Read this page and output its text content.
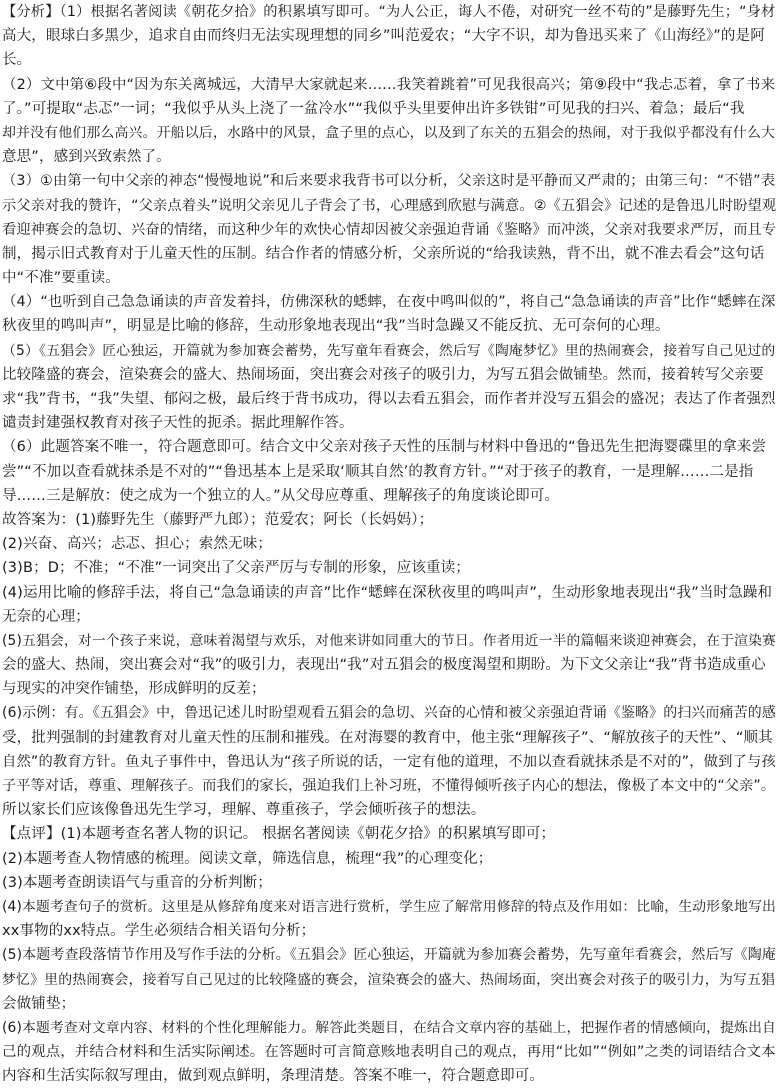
【分析】（1）根据名著阅读《朝花夕拾》的积累填写即可。“为人公正，诲人不倦，对研究一丝不苟的”是藤野先生；“身材
高大，眼球白多黑少，追求自由而终归无法实现理想的同乡”叫范爱农；“大字不识，却为鲁迅买来了《山海经》”的是阿
长。
（2）文中第⑥段中“因为东关离城远，大清早大家就起来……我笑着跳着”可见我很高兴；第⑨段中“我忐忑着，拿了书来
了。”可提取“忐忑”一词；“我似乎从头上浇了一盆冷水”“我似乎头里要伸出许多铁钳”可见我的扫兴、着急；最后“我
却并没有他们那么高兴。开船以后，水路中的风景，盒子里的点心，以及到了东关的五猖会的热闹，对于我似乎都没有什么大
意思”，感到兴致索然了。
（3）①由第一句中父亲的神态“慢慢地说”和后来要求我背书可以分析，父亲这时是平静而又严肃的；由第三句：“不错”表
示父亲对我的赞许，“父亲点着头”说明父亲见儿子背会了书，心理感到欣慰与满意。②《五猖会》记述的是鲁迅儿时盼望观
看迎神赛会的急切、兴奋的情绪，而这种少年的欢快心情却因被父亲强迫背诵《鉴略》而冲淡，父亲对我要求严厉，而且专
制，揭示旧式教育对于儿童天性的压制。结合作者的情感分析，父亲所说的“给我读熟，背不出，就不准去看会”这句话
中“不准”要重读。
（4）“也听到自己急急诵读的声音发着抖，仿佛深秋的蟋蟀，在夜中鸣叫似的”，将自己“急急诵读的声音”比作“蟋蟀在深
秋夜里的鸣叫声”，明显是比喻的修辞，生动形象地表现出“我”当时急躁又不能反抗、无可奈何的心理。
（5）《五猖会》匠心独运，开篇就为参加赛会蓄势，先写童年看赛会，然后写《陶庵梦忆》里的热闹赛会，接着写自己见过的
比较隆盛的赛会，渲染赛会的盛大、热闹场面，突出赛会对孩子的吸引力，为写五猖会做铺垫。然而，接着转写父亲要
求“我”背书，“我”失望、郁闷之极，最后终于背书成功，得以去看五猖会，而作者并没写五猖会的盛况；表达了作者强烈
谴责封建强权教育对孩子天性的扼杀。据此理解作答。
（6）此题答案不唯一，符合题意即可。结合文中父亲对孩子天性的压制与材料中鲁迅的“鲁迅先生把海婴碟里的拿来尝
尝”“不加以查看就抹杀是不对的”“鲁迅基本上是采取‘顺其自然’的教育方针。”“对于孩子的教育，一是理解……二是指
导……三是解放：使之成为一个独立的人。”从父母应尊重、理解孩子的角度谈论即可。
故答案为：(1)藤野先生（藤野严九郎）；范爱农；阿长（长妈妈）；
(2)兴奋、高兴；忐忑、担心；索然无味；
(3)B；D；不准；“不准”一词突出了父亲严厉与专制的形象，应该重读；
(4)运用比喻的修辞手法，将自己“急急诵读的声音”比作“蟋蟀在深秋夜里的鸣叫声”，生动形象地表现出“我”当时急躁和
无奈的心理；
(5)五猖会，对一个孩子来说，意味着渴望与欢乐，对他来讲如同重大的节日。作者用近一半的篇幅来谈迎神赛会，在于渲染赛
会的盛大、热闹，突出赛会对“我”的吸引力，表现出“我”对五猖会的极度渴望和期盼。为下文父亲让“我”背书造成重心
与现实的冲突作铺垫，形成鲜明的反差；
(6)示例：有。《五猖会》中，鲁迅记述儿时盼望观看五猖会的急切、兴奋的心情和被父亲强迫背诵《鉴略》的扫兴而痛苦的感
受，批判强制的封建教育对儿童天性的压制和摧残。在对海婴的教育中，他主张“理解孩子”、“解放孩子的天性”、“顺其
自然”的教育方针。鱼丸子事件中，鲁迅认为“孩子所说的话，一定有他的道理，不加以查看就抹杀是不对的”，做到了与孩
子平等对话，尊重、理解孩子。而我们的家长，强迫我们上补习班，不懂得倾听孩子内心的想法，像极了本文中的“父亲”。
所以家长们应该像鲁迅先生学习，理解、尊重孩子，学会倾听孩子的想法。
【点评】(1)本题考查名著人物的识记。 根据名著阅读《朝花夕拾》的积累填写即可；
(2)本题考查人物情感的梳理。阅读文章，筛选信息，梳理“我”的心理变化；
(3)本题考查朗读语气与重音的分析判断；
(4)本题考查句子的赏析。这里是从修辞角度来对语言进行赏析，学生应了解常用修辞的特点及作用如：比喻，生动形象地写出
xx事物的xx特点。学生必须结合相关语句分析；
(5)本题考查段落情节作用及写作手法的分析。《五猖会》匠心独运，开篇就为参加赛会蓄势，先写童年看赛会，然后写《陶庵
梦忆》里的热闹赛会，接着写自己见过的比较隆盛的赛会，渲染赛会的盛大、热闹场面，突出赛会对孩子的吸引力，为写五猖
会做铺垫；
(6)本题考查对文章内容、材料的个性化理解能力。解答此类题目，在结合文章内容的基础上，把握作者的情感倾向，提炼出自
己的观点，并结合材料和生活实际阐述。在答题时可言简意赅地表明自己的观点，再用“比如”“例如”之类的词语结合文本
内容和生活实际叙写理由，做到观点鲜明，条理清楚。答案不唯一，符合题意即可。
